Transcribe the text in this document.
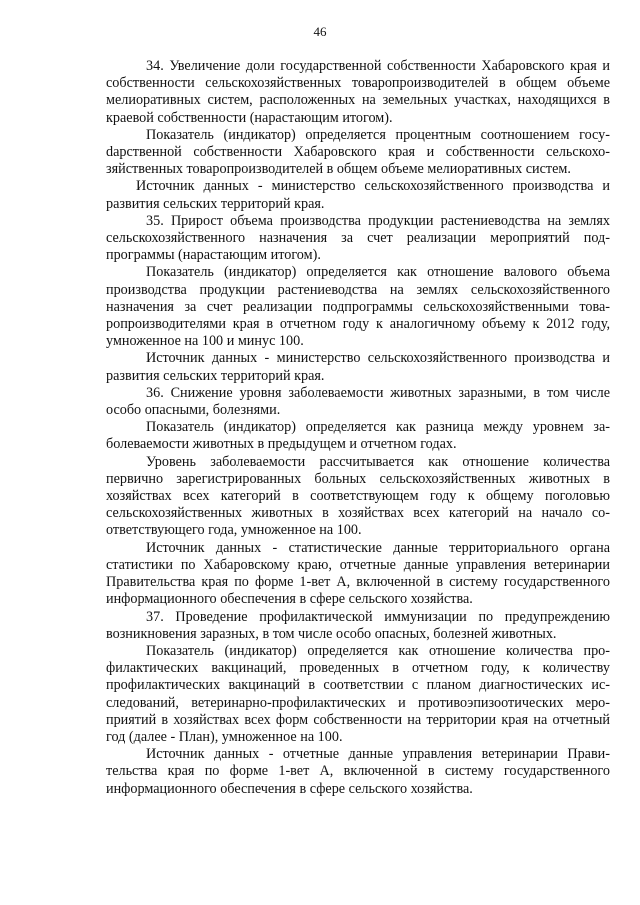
46

34. Увеличение доли государственной собственности Хабаровского края и собственности сельскохозяйственных товаропроизводителей в общем объеме мелиоративных систем, расположенных на земельных участках, находящихся в краевой собственности (нарастающим итогом).

Показатель (индикатор) определяется процентным соотношением госуdарственной собственности Хабаровского края и собственности сельскохозяйственных товаропроизводителей в общем объеме мелиоративных систем.

Источник данных - министерство сельскохозяйственного производства и развития сельских территорий края.

35. Прирост объема производства продукции растениеводства на землях сельскохозяйственного назначения за счет реализации мероприятий подпрограммы (нарастающим итогом).

Показатель (индикатор) определяется как отношение валового объема производства продукции растениеводства на землях сельскохозяйственного назначения за счет реализации подпрограммы сельскохозяйственными товаропроизводителями края в отчетном году к аналогичному объему к 2012 году, умноженное на 100 и минус 100.

Источник данных - министерство сельскохозяйственного производства и развития сельских территорий края.

36. Снижение уровня заболеваемости животных заразными, в том числе особо опасными, болезнями.

Показатель (индикатор) определяется как разница между уровнем заболеваемости животных в предыдущем и отчетном годах.

Уровень заболеваемости рассчитывается как отношение количества первично зарегистрированных больных сельскохозяйственных животных в хозяйствах всех категорий в соответствующем году к общему поголовью сельскохозяйственных животных в хозяйствах всех категорий на начало соответствующего года, умноженное на 100.

Источник данных - статистические данные территориального органа статистики по Хабаровскому краю, отчетные данные управления ветеринарии Правительства края по форме 1-вет А, включенной в систему государственного информационного обеспечения в сфере сельского хозяйства.

37. Проведение профилактической иммунизации по предупреждению возникновения заразных, в том числе особо опасных, болезней животных.

Показатель (индикатор) определяется как отношение количества профилактических вакцинаций, проведенных в отчетном году, к количеству профилактических вакцинаций в соответствии с планом диагностических исследований, ветеринарно-профилактических и противоэпизоотических мероприятий в хозяйствах всех форм собственности на территории края на отчетный год (далее - План), умноженное на 100.

Источник данных - отчетные данные управления ветеринарии Правительства края по форме 1-вет А, включенной в систему государственного информационного обеспечения в сфере сельского хозяйства.
